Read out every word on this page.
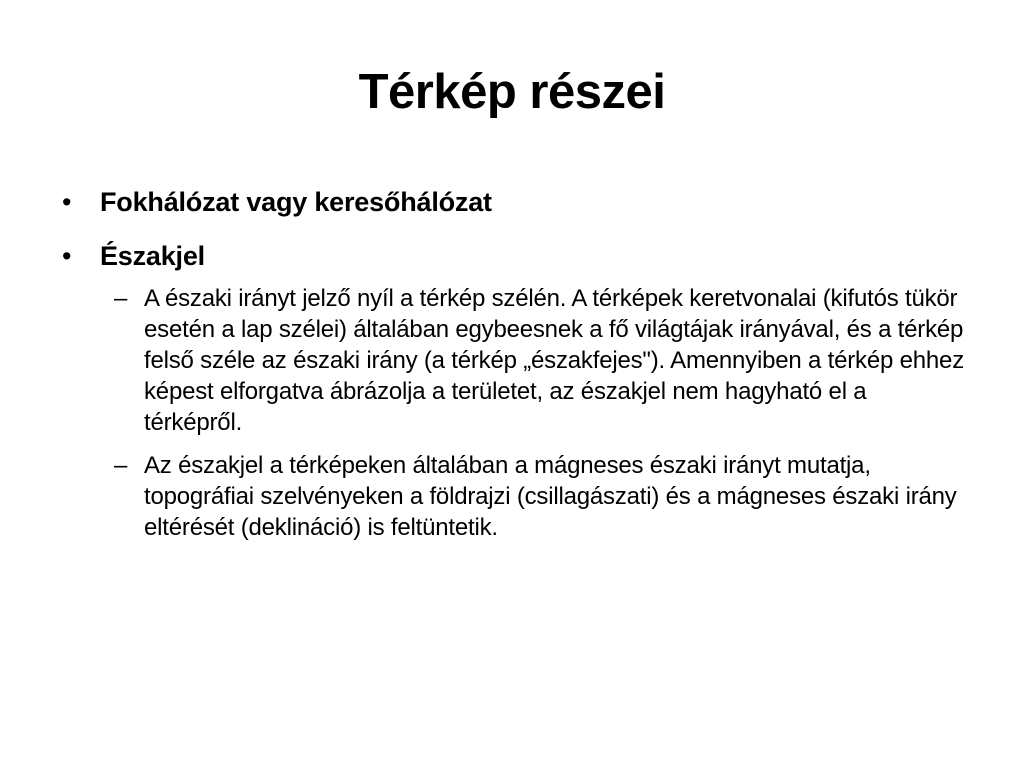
Térkép részei
• Fokhálózat vagy keresőhálózat
• Északjel
– A északi irányt jelző nyíl a térkép szélén. A térképek keretvonalai (kifutós tükör esetén a lap szélei) általában egybeesnek a fő világtájak irányával, és a térkép felső széle az északi irány (a térkép „északfejes"). Amennyiben a térkép ehhez képest elforgatva ábrázolja a területet, az északjel nem hagyható el a térképről.
– Az északjel a térképeken általában a mágneses északi irányt mutatja, topográfiai szelvényeken a földrajzi (csillagászati) és a mágneses északi irány eltérését (deklináció) is feltüntetik.
